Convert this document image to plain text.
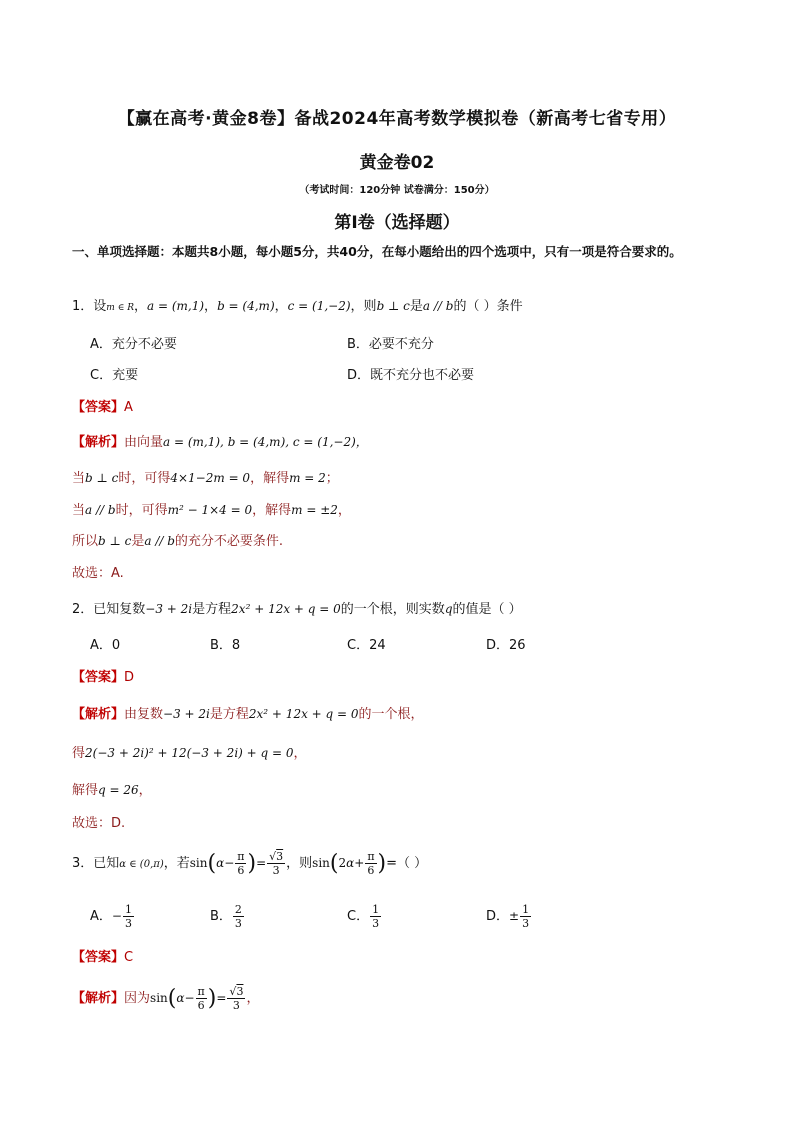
【赢在高考·黄金8卷】备战2024年高考数学模拟卷（新高考七省专用）
黄金卷02
（考试时间：120分钟 试卷满分：150分）
第Ⅰ卷（选择题）
一、单项选择题：本题共8小题，每小题5分，共40分，在每小题给出的四个选项中，只有一项是符合要求的。
1．设m ∈ R，a = (m,1)，b = (4,m)，c = (1,−2)，则b ⊥ c是a // b的（ ）条件
A．充分不必要	B．必要不充分
C．充要	D．既不充分也不必要
【答案】A
【解析】由向量a = (m,1), b = (4,m), c = (1,−2)，
当b ⊥ c时，可得4×1−2m = 0，解得m = 2；
当a // b时，可得m² − 1×4 = 0，解得m = ±2，
所以b ⊥ c是a // b的充分不必要条件.
故选：A.
2．已知复数−3 + 2i是方程2x² + 12x + q = 0的一个根，则实数q的值是（ ）
A．0	B．8	C．24	D．26
【答案】D
【解析】由复数−3 + 2i是方程2x² + 12x + q = 0的一个根，
得2(−3 + 2i)² + 12(−3 + 2i) + q = 0，
解得q = 26，
故选：D.
3．已知α ∈ (0,π)，若$\sin(\alpha- \frac{\pi}{6}$ )= $\frac{√3}{3}$ ，则$\sin(2\alpha+ \frac{\pi}{6}$ )=（ ）
A．− $\frac{1}{3}$	B． $\frac{2}{3}$	C． $\frac{1}{3}$	D．± $\frac{1}{3}$
【答案】C
【解析】因为$\sin(\alpha- \frac{\pi}{6}$ )= $\frac{√3}{3}$ ，
